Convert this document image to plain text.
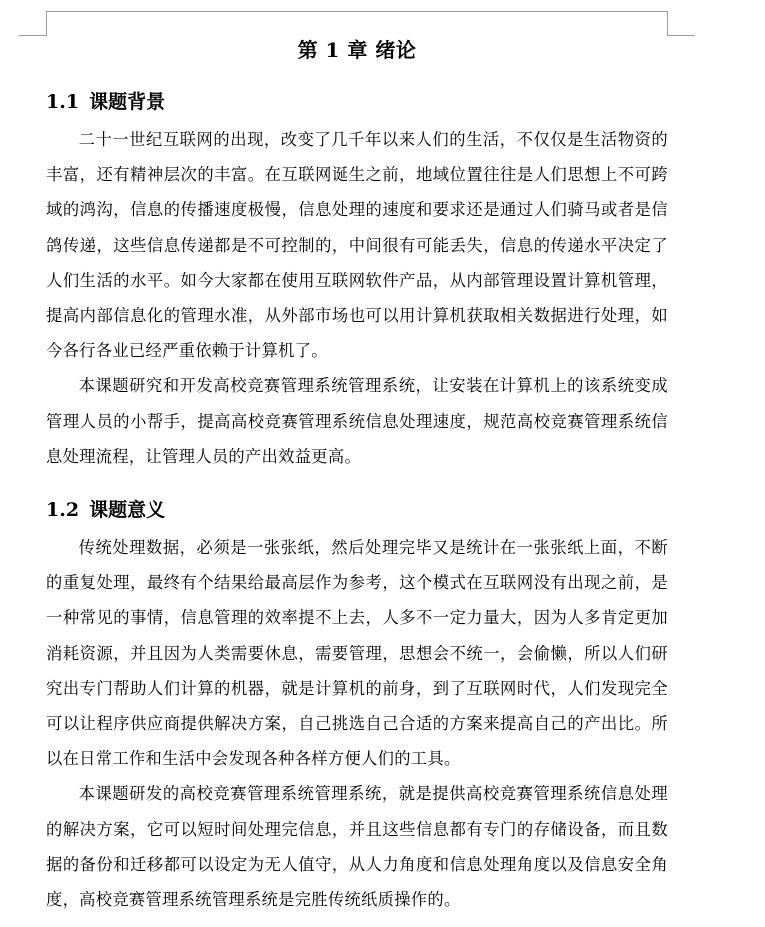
第 1 章 绪论
1.1 课题背景

二十一世纪互联网的出现，改变了几千年以来人们的生活，不仅仅是生活物资的丰富，还有精神层次的丰富。在互联网诞生之前，地域位置往往是人们思想上不可跨域的鸿沟，信息的传播速度极慢，信息处理的速度和要求还是通过人们骑马或者是信鸽传递，这些信息传递都是不可控制的，中间很有可能丢失，信息的传递水平决定了人们生活的水平。如今大家都在使用互联网软件产品，从内部管理设置计算机管理，提高内部信息化的管理水准，从外部市场也可以用计算机获取相关数据进行处理，如今各行各业已经严重依赖于计算机了。

本课题研究和开发高校竞赛管理系统管理系统，让安装在计算机上的该系统变成管理人员的小帮手，提高高校竞赛管理系统信息处理速度，规范高校竞赛管理系统信息处理流程，让管理人员的产出效益更高。

1.2 课题意义

传统处理数据，必须是一张张纸，然后处理完毕又是统计在一张张纸上面，不断的重复处理，最终有个结果给最高层作为参考，这个模式在互联网没有出现之前，是一种常见的事情，信息管理的效率提不上去，人多不一定力量大，因为人多肯定更加消耗资源，并且因为人类需要休息，需要管理，思想会不统一，会偷懒，所以人们研究出专门帮助人们计算的机器，就是计算机的前身，到了互联网时代，人们发现完全可以让程序供应商提供解决方案，自己挑选自己合适的方案来提高自己的产出比。所以在日常工作和生活中会发现各种各样方便人们的工具。

本课题研发的高校竞赛管理系统管理系统，就是提供高校竞赛管理系统信息处理的解决方案，它可以短时间处理完信息，并且这些信息都有专门的存储设备，而且数据的备份和迁移都可以设定为无人值守，从人力角度和信息处理角度以及信息安全角度，高校竞赛管理系统管理系统是完胜传统纸质操作的。
